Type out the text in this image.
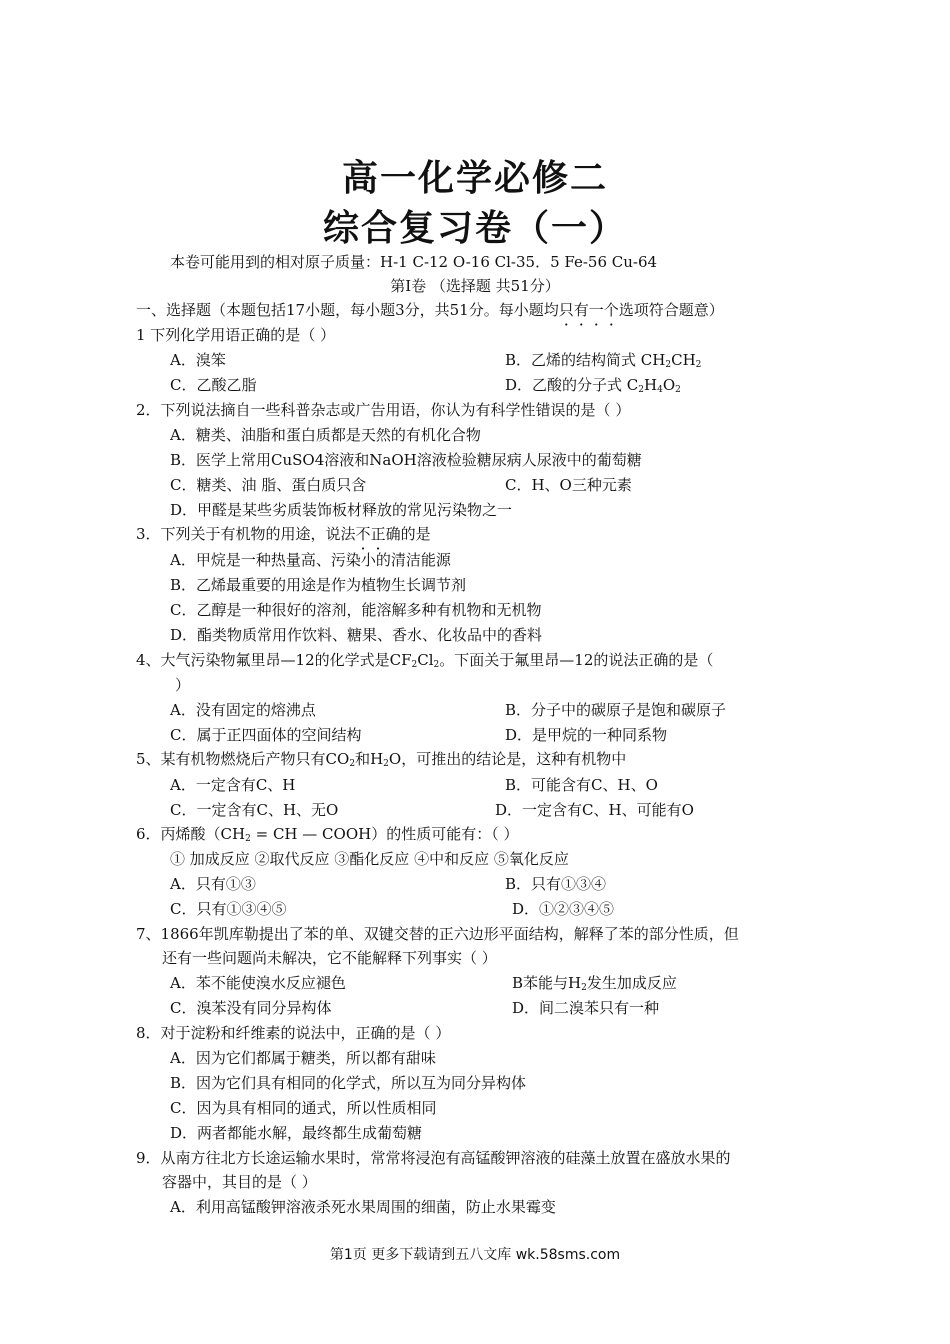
高一化学必修二
综合复习卷（一）
本卷可能用到的相对原子质量：H-1 C-12 O-16 Cl-35．5 Fe-56 Cu-64
第Ⅰ卷 （选择题 共51分）
一、选择题（本题包括17小题，每小题3分，共51分。每小题均只有一个选项符合题意）
1 下列化学用语正确的是（ ）
A．溴笨	B．乙烯的结构简式 $CH_2CH_2$
C．乙酸乙脂	D．乙酸的分子式 $C_2H_4O_2$
2．下列说法摘自一些科普杂志或广告用语，你认为有科学性错误的是（ ）
A．糖类、油脂和蛋白质都是天然的有机化合物
B．医学上常用CuSO4溶液和NaOH溶液检验糖尿病人尿液中的葡萄糖
C．糖类、油 脂、蛋白质只含	C．H、O三种元素
D．甲醛是某些劣质装饰板材释放的常见污染物之一
3．下列关于有机物的用途，说法不正确的是
A．甲烷是一种热量高、污染小的清洁能源
B．乙烯最重要的用途是作为植物生长调节剂
C．乙醇是一种很好的溶剂，能溶解多种有机物和无机物
D．酯类物质常用作饮料、糖果、香水、化妆品中的香料
4、大气污染物氟里昂—12的化学式是$CF_2Cl_2$。下面关于氟里昂—12的说法正确的是（
）
A．没有固定的熔沸点	B．分子中的碳原子是饱和碳原子
C．属于正四面体的空间结构	D．是甲烷的一种同系物
5、某有机物燃烧后产物只有$CO_2$和$H_2O$，可推出的结论是，这种有机物中
A．一定含有C、H	B．可能含有C、H、O
C．一定含有C、H、无O	D．一定含有C、H、可能有O
6．丙烯酸（$CH_2$ = CH — COOH）的性质可能有：（ ）
① 加成反应 ②取代反应 ③酯化反应 ④中和反应 ⑤氧化反应
A．只有①③	B．只有①③④
C．只有①③④⑤	D．①②③④⑤
7、1866年凯库勒提出了苯的单、双键交替的正六边形平面结构，解释了苯的部分性质，但
还有一些问题尚未解决，它不能解释下列事实（ ）
A．苯不能使溴水反应褪色	B苯能与$H_2$发生加成反应
C．溴苯没有同分异构体	D．间二溴苯只有一种
8．对于淀粉和纤维素的说法中，正确的是（ ）
A．因为它们都属于糖类，所以都有甜味
B．因为它们具有相同的化学式，所以互为同分异构体
C．因为具有相同的通式，所以性质相同
D．两者都能水解，最终都生成葡萄糖
9．从南方往北方长途运输水果时，常常将浸泡有高锰酸钾溶液的硅藻土放置在盛放水果的
容器中，其目的是（ ）
A．利用高锰酸钾溶液杀死水果周围的细菌，防止水果霉变
第1页 更多下载请到五八文库 wk.58sms.com
